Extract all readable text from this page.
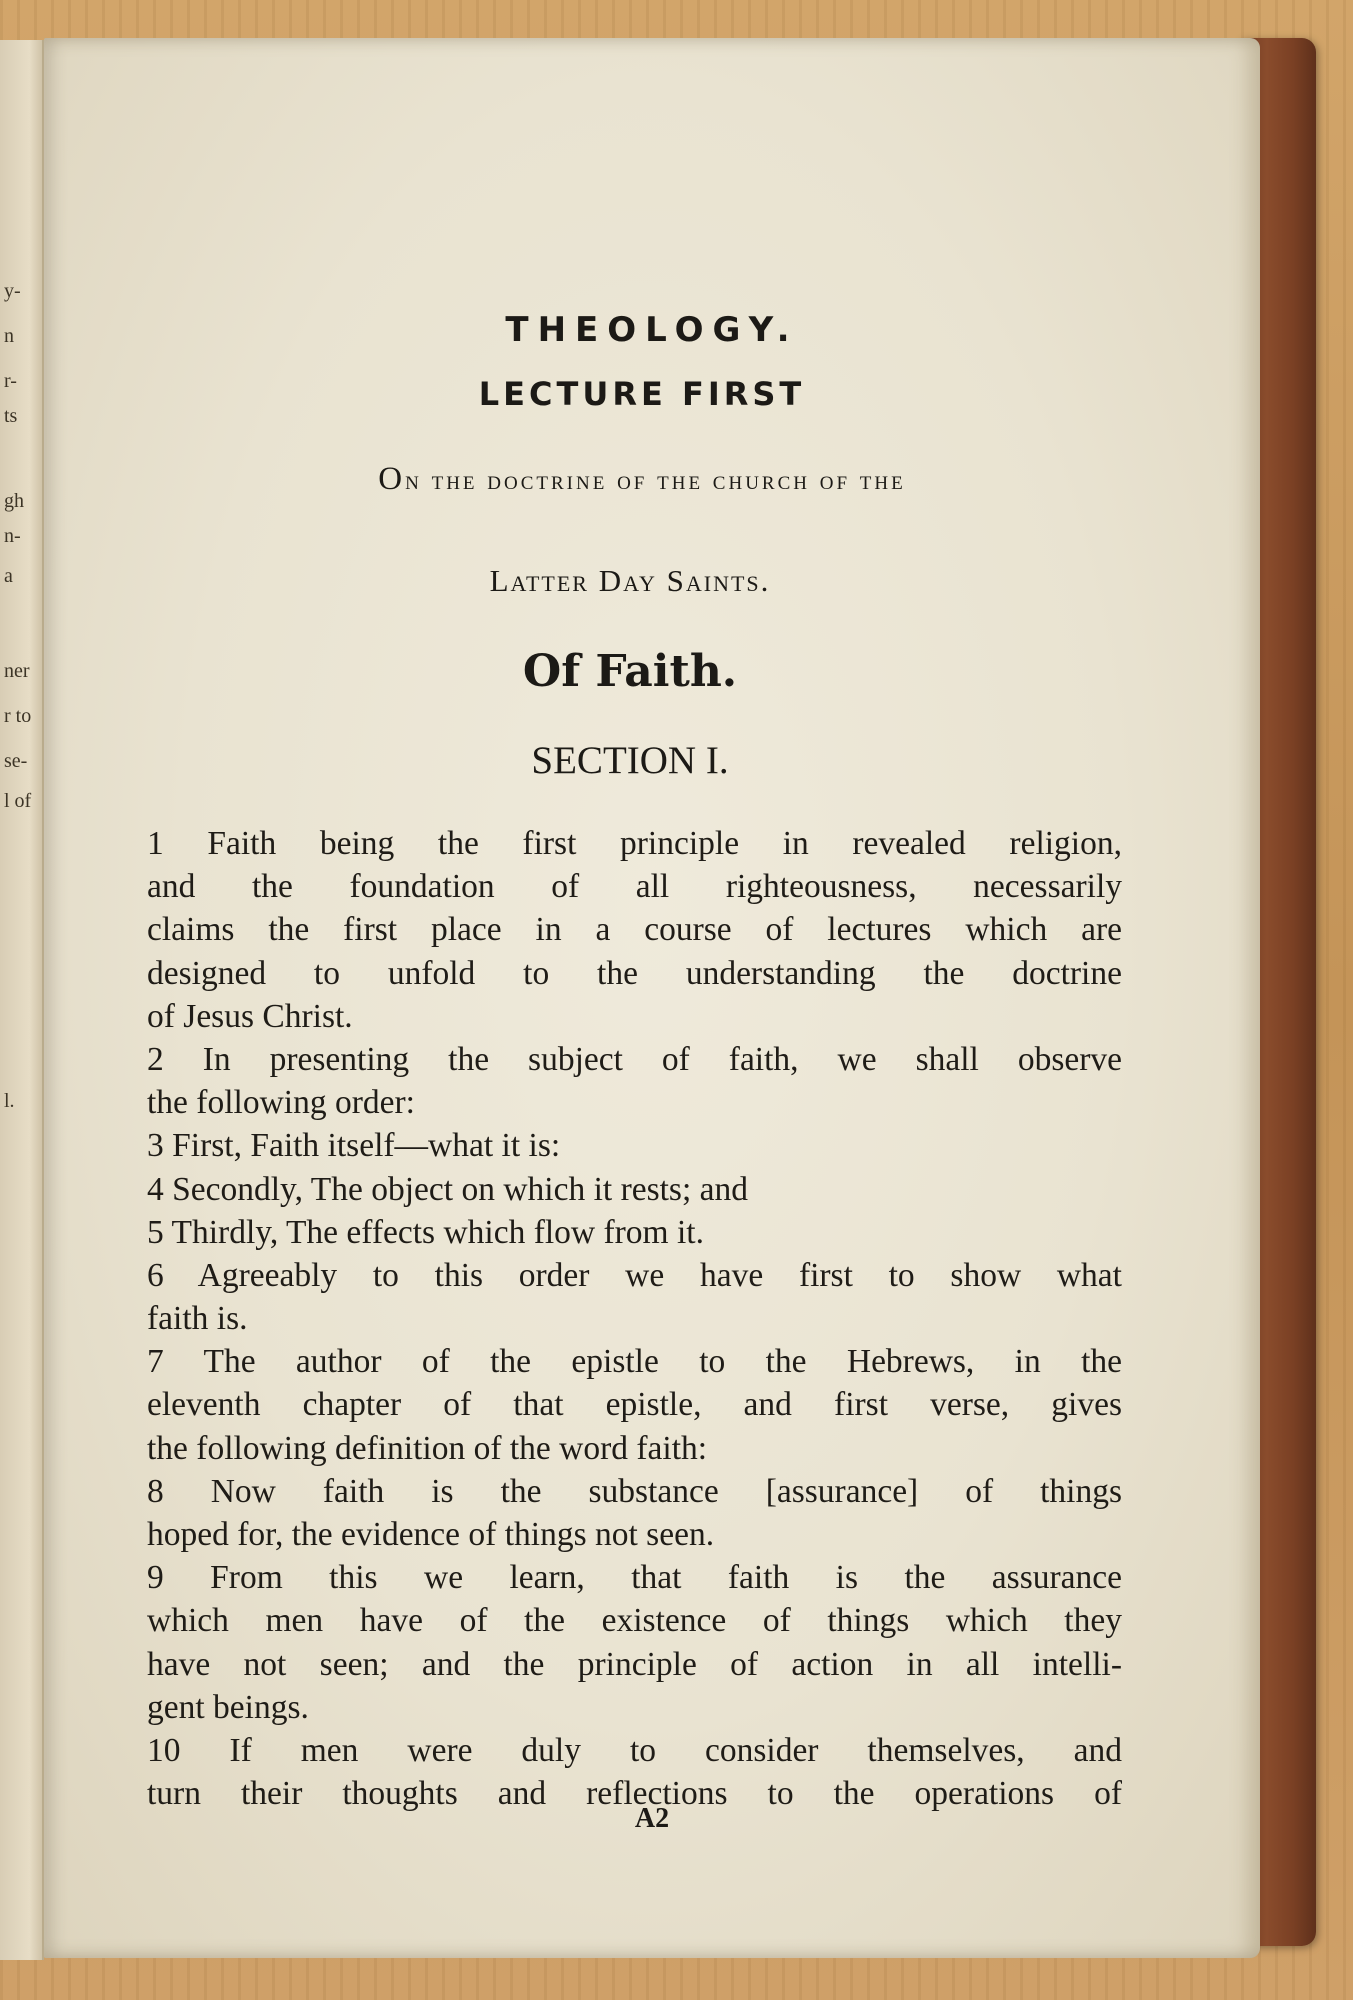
y-
n
r-
ts
gh
n-
a
ner
r to
se-
l of
l.
THEOLOGY.
LECTURE FIRST
On the doctrine of the church of the
Latter Day Saints.
Of Faith.
SECTION I.
1 Faith being the first principle in revealed religion,
and the foundation of all righteousness, necessarily
claims the first place in a course of lectures which are
designed to unfold to the understanding the doctrine
of Jesus Christ.
2 In presenting the subject of faith, we shall observe
the following order:
3 First, Faith itself—what it is:
4 Secondly, The object on which it rests; and
5 Thirdly, The effects which flow from it.
6 Agreeably to this order we have first to show what
faith is.
7 The author of the epistle to the Hebrews, in the
eleventh chapter of that epistle, and first verse, gives
the following definition of the word faith:
8 Now faith is the substance [assurance] of things
hoped for, the evidence of things not seen.
9 From this we learn, that faith is the assurance
which men have of the existence of things which they
have not seen; and the principle of action in all intelli-
gent beings.
10 If men were duly to consider themselves, and
turn their thoughts and reflections to the operations of
A2
